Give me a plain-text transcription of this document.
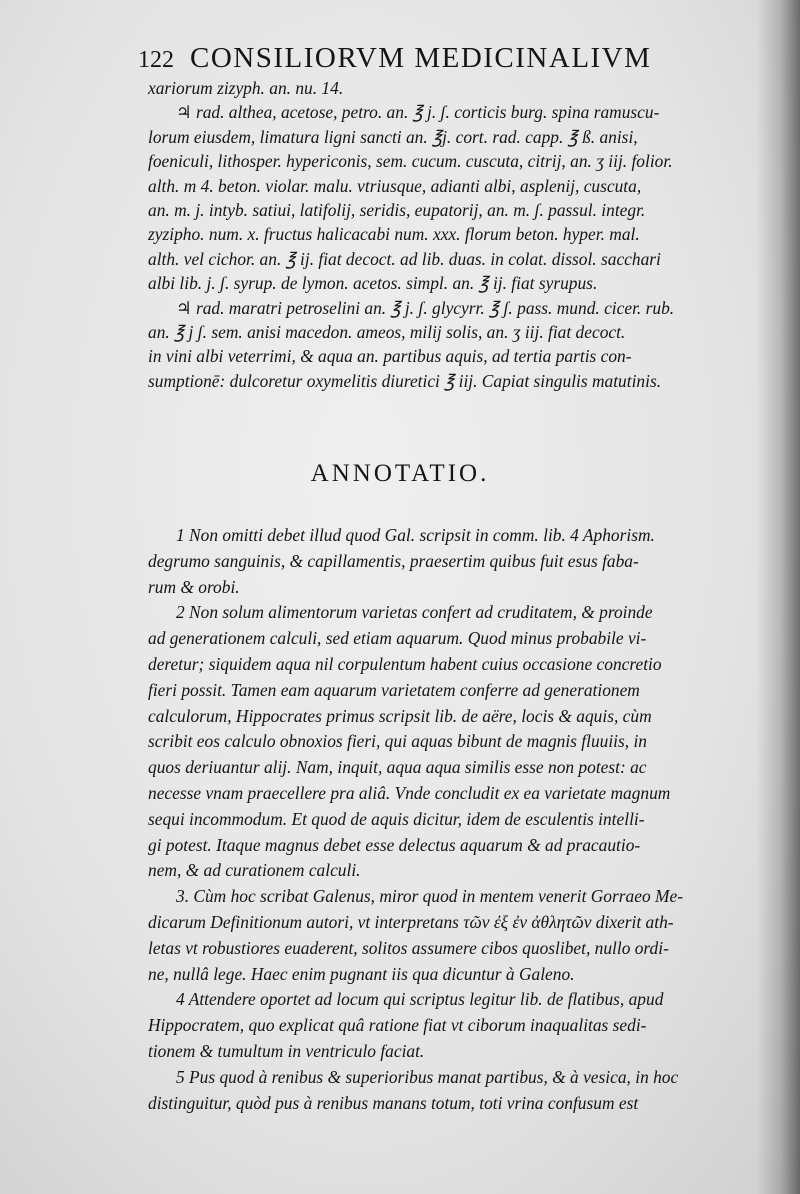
122 CONSILIORVM MEDICINALIVM
xariorum zizyph. an. nu. 14.
♃ rad. althea, acetose, petro. an. ℥ j. ʃ. corticis burg. spina ramuscu-
lorum eiusdem, limatura ligni sancti an. ℥j. cort. rad. capp. ℥ ß. anisi,
foeniculi, lithosper. hypericonis, sem. cucum. cuscuta, citrij, an. ʒ iij. folior.
alth. m 4. beton. violar. malu. vtriusque, adianti albi, asplenij, cuscuta,
an. m. j. intyb. satiui, latifolij, seridis, eupatorij, an. m. ʃ. passul. integr.
zyzipho. num. x. fructus halicacabi num. xxx. florum beton. hyper. mal.
alth. vel cichor. an. ℥ ij. fiat decoct. ad lib. duas. in colat. dissol. sacchari
albi lib. j. ʃ. syrup. de lymon. acetos. simpl. an. ℥ ij. fiat syrupus.
♃ rad. maratri petroselini an. ℥ j. ʃ. glycyrr. ℥ ʃ. pass. mund. cicer. rub.
an. ℥ j ʃ. sem. anisi macedon. ameos, milij solis, an. ʒ iij. fiat decoct.
in vini albi veterrimi, & aqua an. partibus aquis, ad tertia partis con-
sumptionē: dulcoretur oxymelitis diuretici ℥ iij. Capiat singulis matutinis.
ANNOTATIO.
1 Non omitti debet illud quod Gal. scripsit in comm. lib. 4 Aphorism.
degrumo sanguinis, & capillamentis, praesertim quibus fuit esus faba-
rum & orobi.
2 Non solum alimentorum varietas confert ad cruditatem, & proinde
ad generationem calculi, sed etiam aquarum. Quod minus probabile vi-
deretur; siquidem aqua nil corpulentum habent cuius occasione concretio
fieri possit. Tamen eam aquarum varietatem conferre ad generationem
calculorum, Hippocrates primus scripsit lib. de aëre, locis & aquis, cùm
scribit eos calculo obnoxios fieri, qui aquas bibunt de magnis fluuiis, in
quos deriuantur alij. Nam, inquit, aqua aqua similis esse non potest: ac
necesse vnam praecellere pra aliâ. Vnde concludit ex ea varietate magnum
sequi incommodum. Et quod de aquis dicitur, idem de esculentis intelli-
gi potest. Itaque magnus debet esse delectus aquarum & ad pracautio-
nem, & ad curationem calculi.
3. Cùm hoc scribat Galenus, miror quod in mentem venerit Gorraeo Me-
dicarum Definitionum autori, vt interpretans τῶν ἐξ ἐν ἀθλητῶν dixerit ath-
letas vt robustiores euaderent, solitos assumere cibos quoslibet, nullo ordi-
ne, nullâ lege. Haec enim pugnant iis qua dicuntur à Galeno.
4 Attendere oportet ad locum qui scriptus legitur lib. de flatibus, apud
Hippocratem, quo explicat quâ ratione fiat vt ciborum inaqualitas sedi-
tionem & tumultum in ventriculo faciat.
5 Pus quod à renibus & superioribus manat partibus, & à vesica, in hoc
distinguitur, quòd pus à renibus manans totum, toti vrina confusum est
